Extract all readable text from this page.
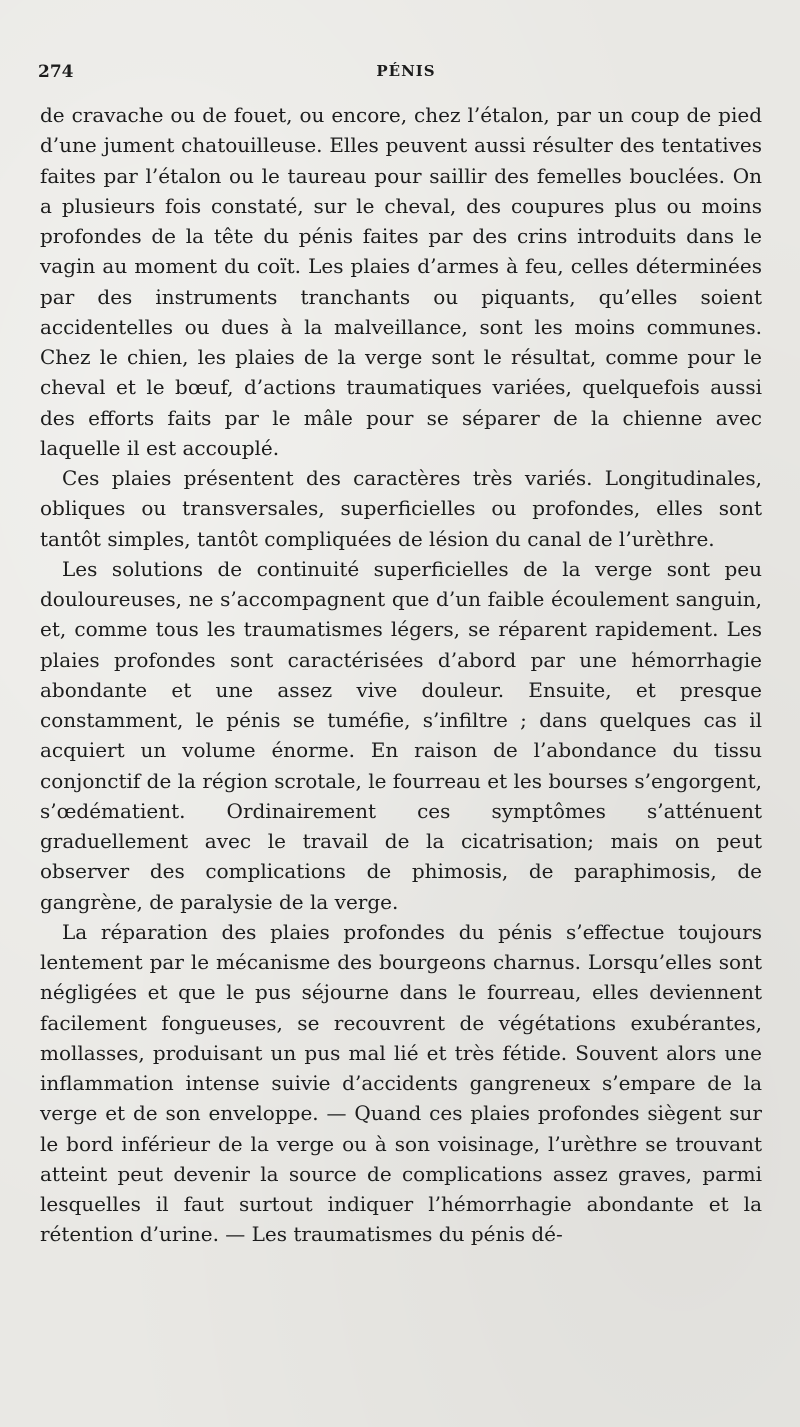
274	PÉNIS

de cravache ou de fouet, ou encore, chez l’étalon, par un coup de pied d’une jument chatouilleuse. Elles peuvent aussi résulter des tentatives faites par l’étalon ou le taureau pour saillir des femelles bouclées. On a plusieurs fois constaté, sur le cheval, des coupures plus ou moins profondes de la tête du pénis faites par des crins introduits dans le vagin au moment du coït. Les plaies d’armes à feu, celles déterminées par des instruments tranchants ou piquants, qu’elles soient accidentelles ou dues à la malveillance, sont les moins communes. Chez le chien, les plaies de la verge sont le résultat, comme pour le cheval et le bœuf, d’actions traumatiques variées, quelquefois aussi des efforts faits par le mâle pour se séparer de la chienne avec laquelle il est accouplé.

Ces plaies présentent des caractères très variés. Longitudinales, obliques ou transversales, superficielles ou profondes, elles sont tantôt simples, tantôt compliquées de lésion du canal de l’urèthre.

Les solutions de continuité superficielles de la verge sont peu douloureuses, ne s’accompagnent que d’un faible écoulement sanguin, et, comme tous les traumatismes légers, se réparent rapidement. Les plaies profondes sont caractérisées d’abord par une hémorrhagie abondante et une assez vive douleur. Ensuite, et presque constamment, le pénis se tuméfie, s’infiltre ; dans quelques cas il acquiert un volume énorme. En raison de l’abondance du tissu conjonctif de la région scrotale, le fourreau et les bourses s’engorgent, s’œdématient. Ordinairement ces symptômes s’atténuent graduellement avec le travail de la cicatrisation; mais on peut observer des complications de phimosis, de paraphimosis, de gangrène, de paralysie de la verge.

La réparation des plaies profondes du pénis s’effectue toujours lentement par le mécanisme des bourgeons charnus. Lorsqu’elles sont négligées et que le pus séjourne dans le fourreau, elles deviennent facilement fongueuses, se recouvrent de végétations exubérantes, mollasses, produisant un pus mal lié et très fétide. Souvent alors une inflammation intense suivie d’accidents gangreneux s’empare de la verge et de son enveloppe. — Quand ces plaies profondes siègent sur le bord inférieur de la verge ou à son voisinage, l’urèthre se trouvant atteint peut devenir la source de complications assez graves, parmi lesquelles il faut surtout indiquer l’hémorrhagie abondante et la rétention d’urine. — Les traumatismes du pénis dé-
